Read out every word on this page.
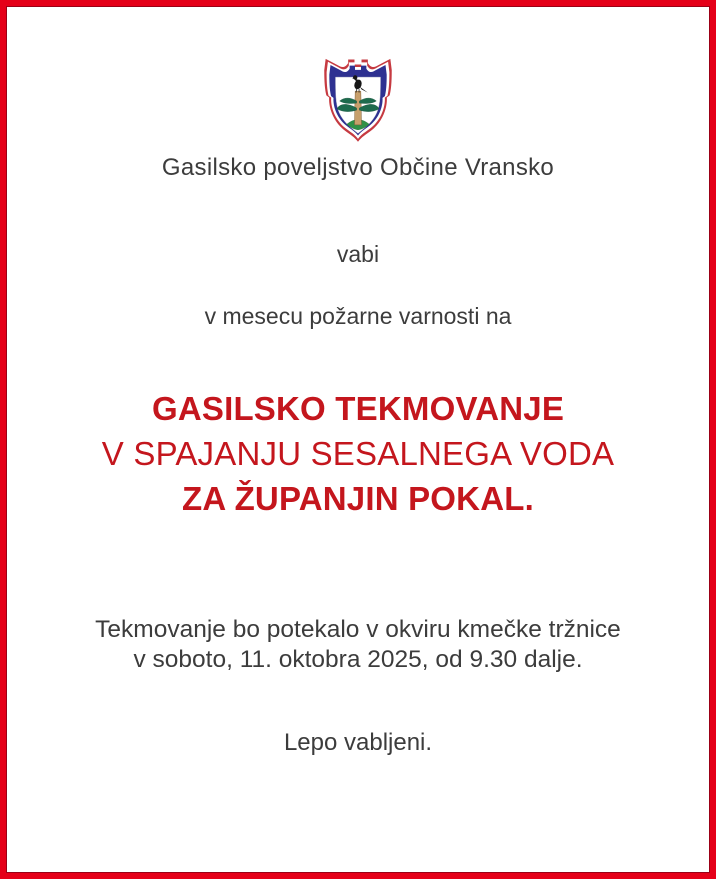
Gasilsko poveljstvo Občine Vransko
vabi
v mesecu požarne varnosti na
GASILSKO TEKMOVANJE
V SPAJANJU SESALNEGA VODA
ZA ŽUPANJIN POKAL.
Tekmovanje bo potekalo v okviru kmečke tržnice
v soboto, 11. oktobra 2025, od 9.30 dalje.
Lepo vabljeni.
